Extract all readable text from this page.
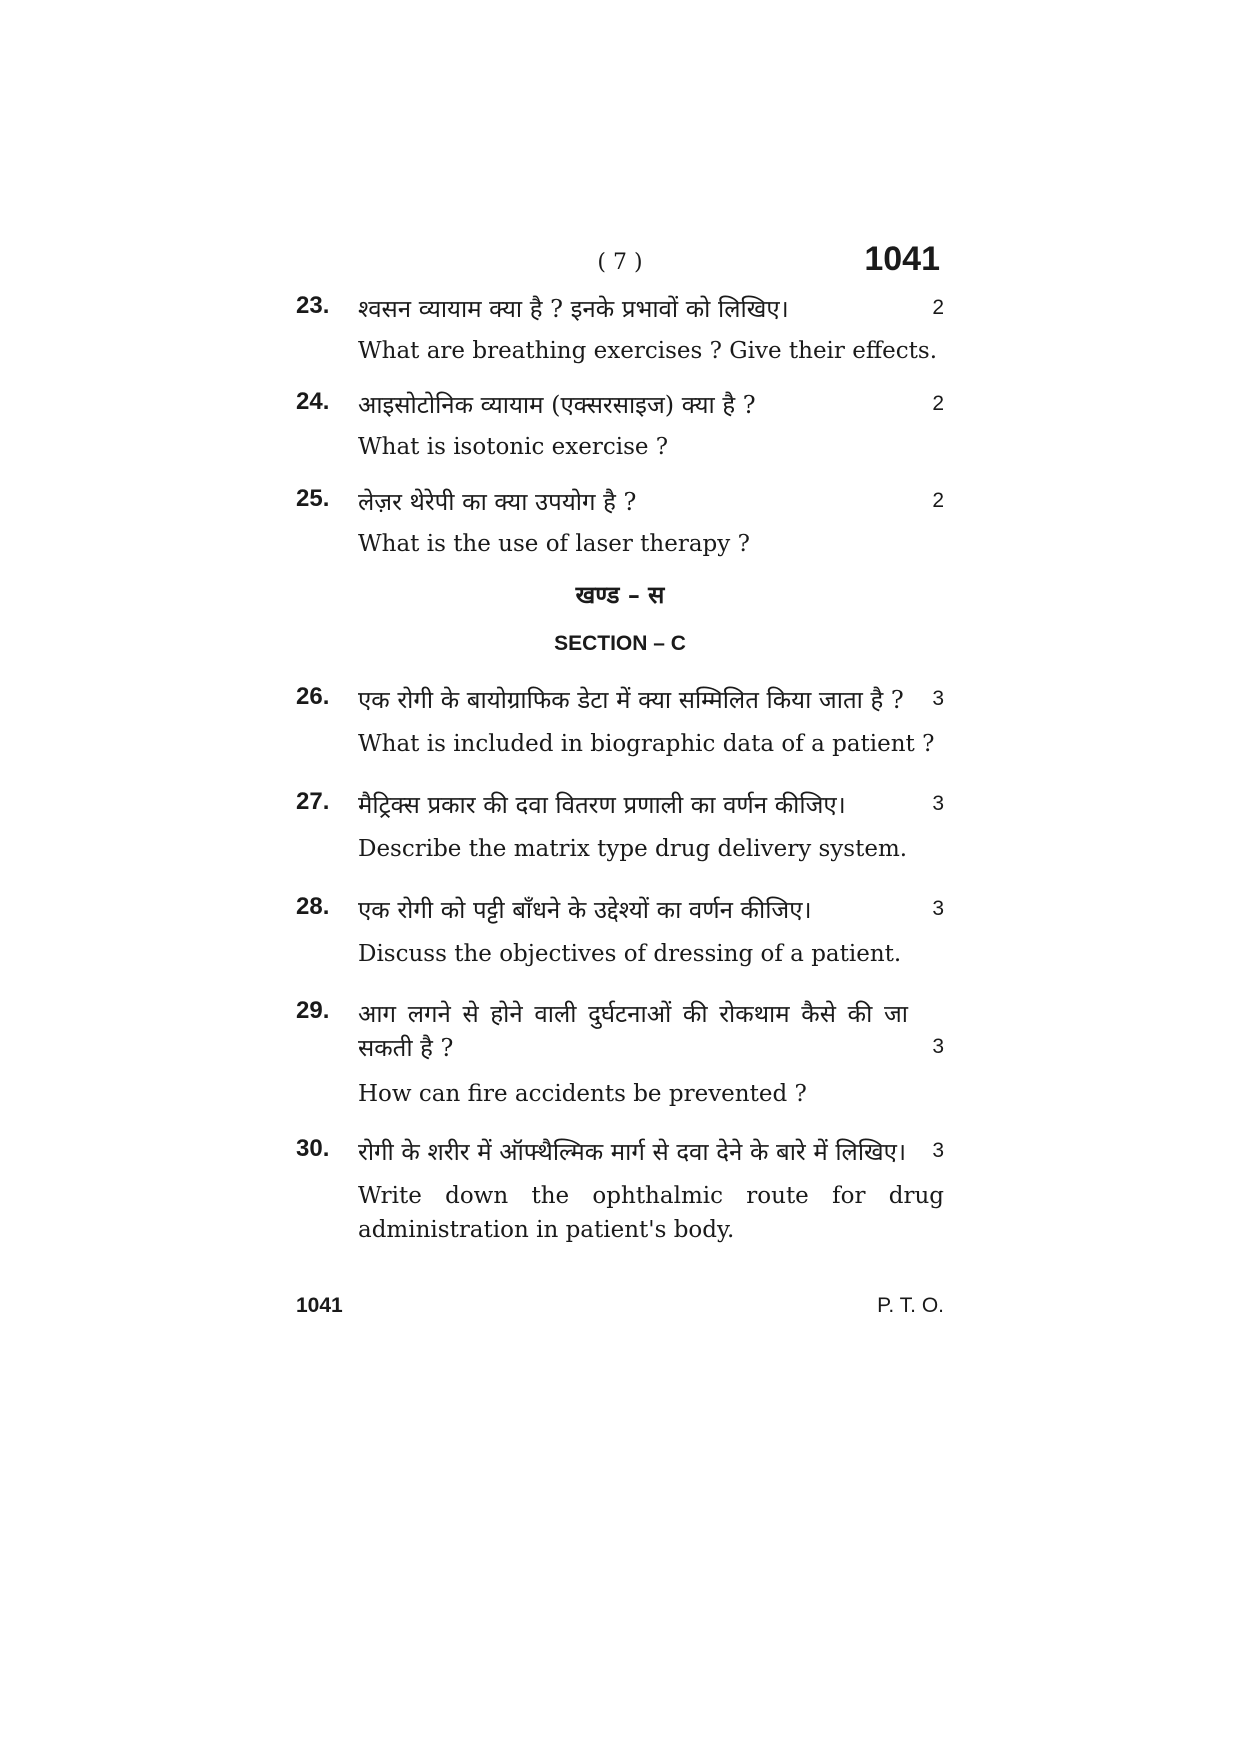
( 7 )	1041
23. श्वसन व्यायाम क्या है ? इनके प्रभावों को लिखिए।	2
What are breathing exercises ? Give their effects.
24. आइसोटोनिक व्यायाम (एक्सरसाइज) क्या है ?	2
What is isotonic exercise ?
25. लेज़र थेरेपी का क्या उपयोग है ?	2
What is the use of laser therapy ?
खण्ड – स
SECTION – C
26. एक रोगी के बायोग्राफिक डेटा में क्या सम्मिलित किया जाता है ?	3
What is included in biographic data of a patient ?
27. मैट्रिक्स प्रकार की दवा वितरण प्रणाली का वर्णन कीजिए।	3
Describe the matrix type drug delivery system.
28. एक रोगी को पट्टी बाँधने के उद्देश्यों का वर्णन कीजिए।	3
Discuss the objectives of dressing of a patient.
29. आग लगने से होने वाली दुर्घटनाओं की रोकथाम कैसे की जा सकती है ?	3
How can fire accidents be prevented ?
30. रोगी के शरीर में ऑफ्थैल्मिक मार्ग से दवा देने के बारे में लिखिए।	3
Write down the ophthalmic route for drug administration in patient's body.
1041	P. T. O.
